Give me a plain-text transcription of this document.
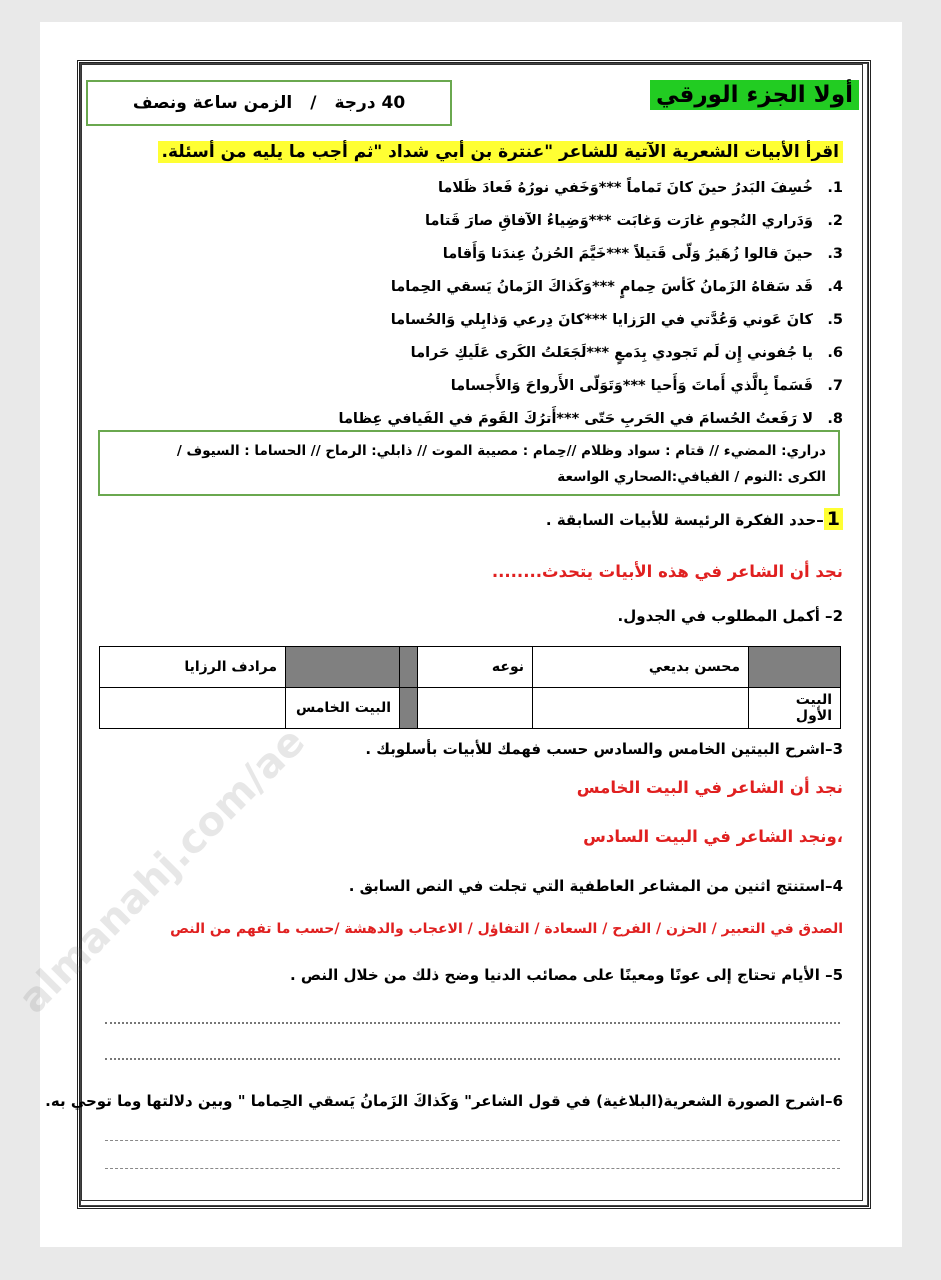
almanahj.com/ae
أولا الجزء الورقي
40 درجة
/
الزمن ساعة ونصف
اقرأ الأبيات الشعرية الآتية للشاعر "عنترة بن أبي شداد "ثم أجب ما يليه من أسئلة.
1.خُسِفَ البَدرُ حينَ كانَ تَماماً ***وَخَفي نورُهُ فَعادَ ظَلاما
2.وَدَراري النُجومِ غارَت وَغابَت ***وَضِياءُ الآفاقِ صارَ قَتاما
3.حينَ قالوا زُهَيرُ وَلّى قَتيلاً ***خَيَّمَ الحُزنُ عِندَنا وَأَقاما
4.قَد سَقاهُ الزَمانُ كَأسَ حِمامٍ ***وَكَذاكَ الزَمانُ يَسقي الحِماما
5.كانَ عَوني وَعُدَّتي في الرَزايا ***كانَ دِرعي وَذابِلي وَالحُساما
6.يا جُفوني إِن لَم تَجودي بِدَمعٍ ***لَجَعَلتُ الكَرى عَلَيكِ حَراما
7.قَسَماً بِالَّذي أَماتَ وَأَحيا ***وَتَوَلّى الأَرواحَ وَالأَجساما
8.لا رَفَعتُ الحُسامَ في الحَربِ حَتّى ***أَترُكَ القَومَ في الفَيافي عِظاما
دراري: المضيء // قتام : سواد وظلام //حِمام : مصيبة الموت // ذابلي: الرماح // الحساما : السيوف /
الكرى :النوم / الفيافي:الصحاري الواسعة
1–حدد الفكرة الرئيسة للأبيات السابقة .
نجد أن الشاعر في هذه الأبيات يتحدث........
2– أكمل المطلوب في الجدول.
	محسن بديعي	نوعه			مرادف الرزايا
البيت الأول				البيت الخامس	
3–اشرح البيتين الخامس والسادس حسب فهمك للأبيات بأسلوبك .
نجد أن الشاعر في البيت الخامس
،ونجد الشاعر في البيت السادس
4–استنتج اثنين من المشاعر العاطفية التي تجلت في النص السابق .
الصدق في التعبير / الحزن / الفرح / السعادة / التفاؤل / الاعجاب والدهشة /حسب ما تفهم من النص
5– الأيام تحتاج إلى عونًا ومعينًا على مصائب الدنيا وضح ذلك من خلال النص .
6–اشرح الصورة الشعرية(البلاغية) في قول الشاعر" وَكَذاكَ الزَمانُ يَسقي الحِماما " وبين دلالتها وما توحي به.
